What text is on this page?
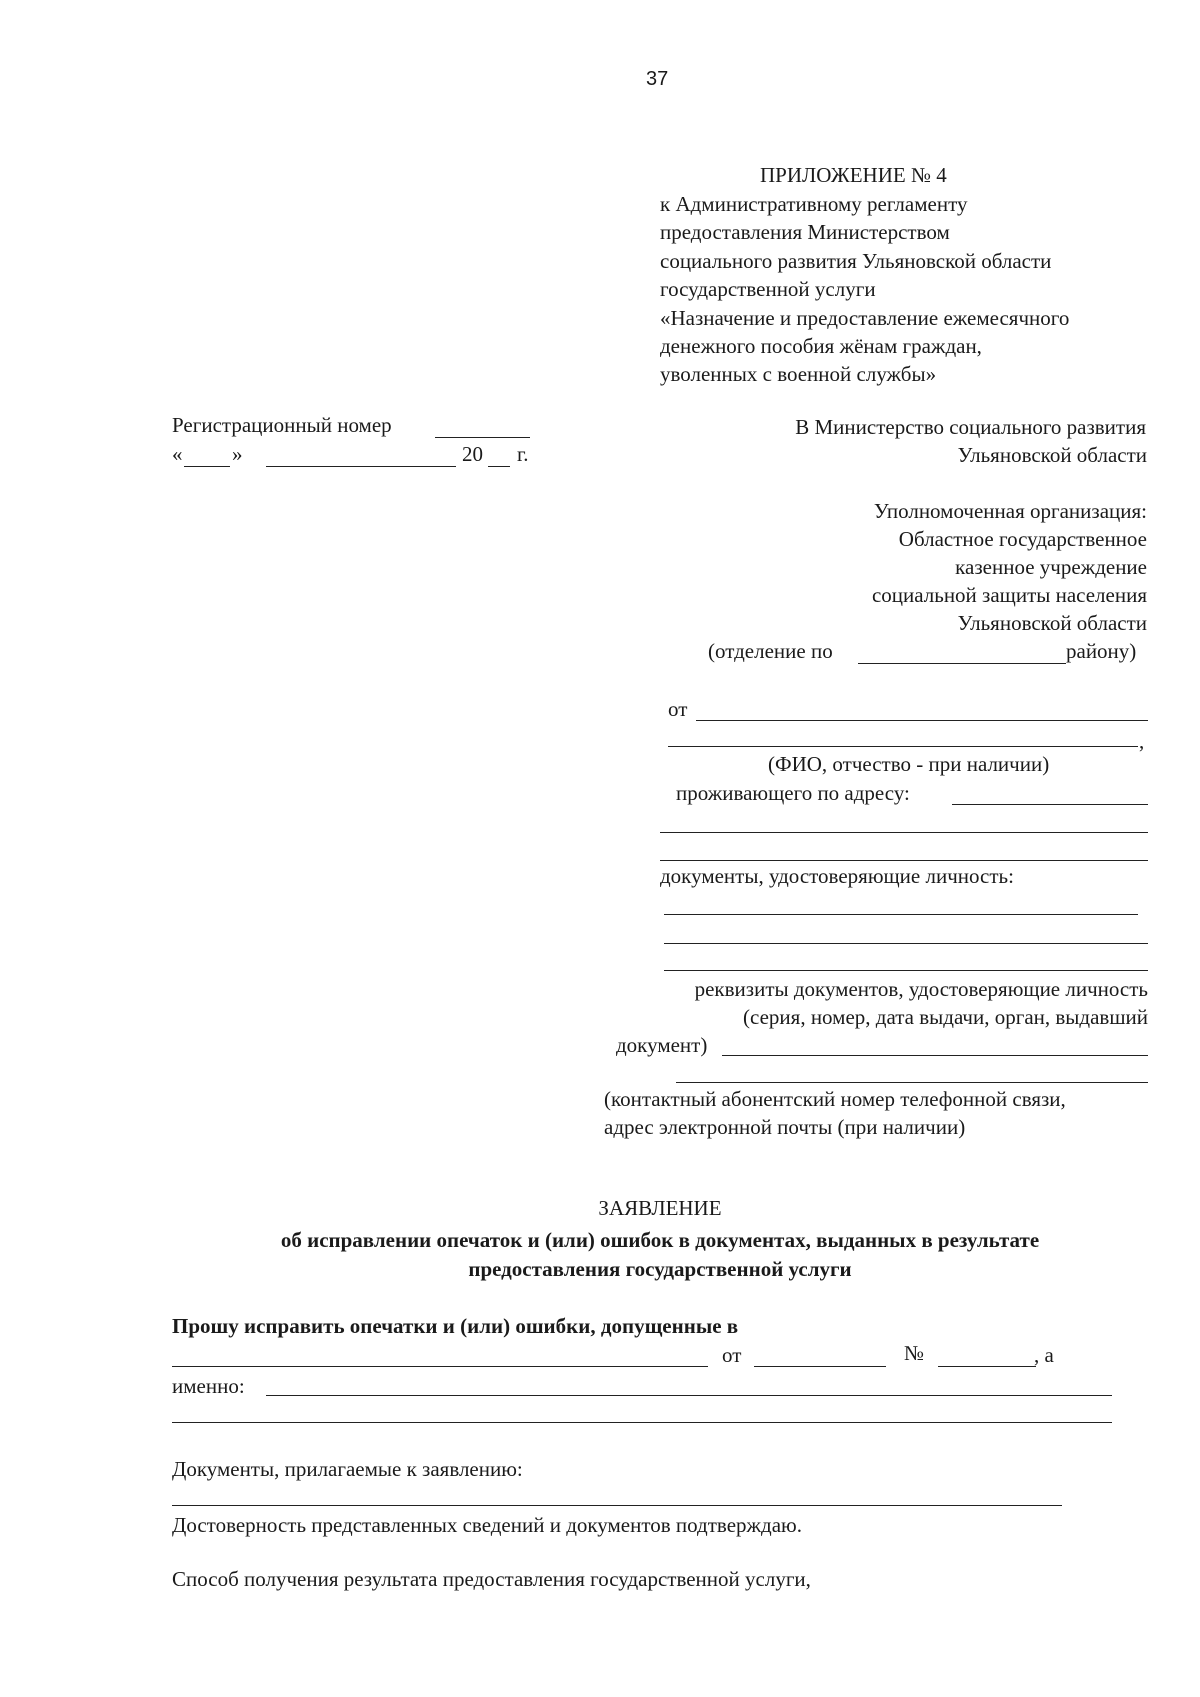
37
ПРИЛОЖЕНИЕ № 4
к Административному регламенту
предоставления Министерством
социального развития Ульяновской области
государственной услуги
«Назначение и предоставление ежемесячного
денежного пособия жёнам граждан,
уволенных с военной службы»
Регистрационный номер
« »	20 г.
В Министерство социального развития
Ульяновской области
Уполномоченная организация:
Областное государственное
казенное учреждение
социальной защиты населения
Ульяновской области
(отделение по	району)
от
,
(ФИО, отчество - при наличии)
проживающего по адресу:
документы, удостоверяющие личность:
реквизиты документов, удостоверяющие личность
(серия, номер, дата выдачи, орган, выдавший
документ)
(контактный абонентский номер телефонной связи,
адрес электронной почты (при наличии)
ЗАЯВЛЕНИЕ
об исправлении опечаток и (или) ошибок в документах, выданных в результате
предоставления государственной услуги
Прошу исправить опечатки и (или) ошибки, допущенные в
от	№	, а
именно:
Документы, прилагаемые к заявлению:
Достоверность представленных сведений и документов подтверждаю.
Способ получения результата предоставления государственной услуги,
